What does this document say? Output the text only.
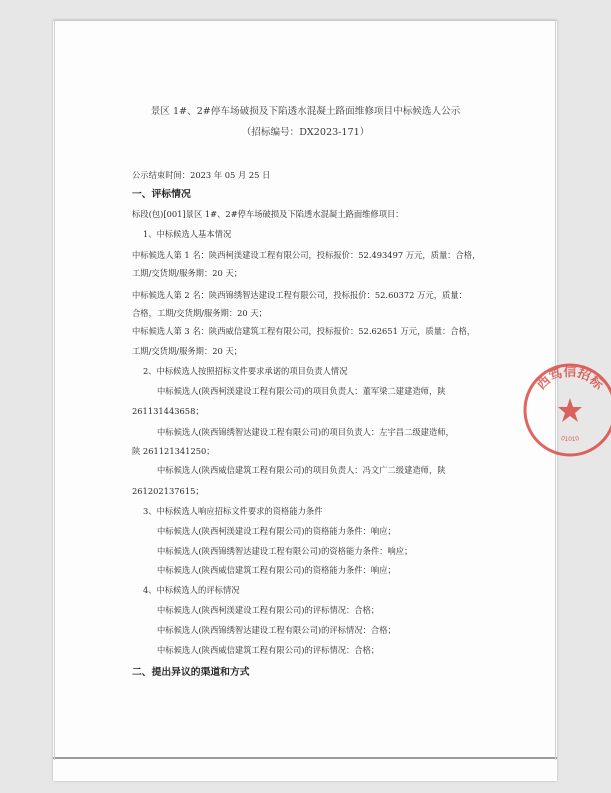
景区 1#、2#停车场破损及下陷透水混凝土路面维修项目中标候选人公示
（招标编号：DX2023-171）
公示结束时间：2023 年 05 月 25 日
一、评标情况
标段(包)[001]景区 1#、2#停车场破损及下陷透水混凝土路面维修项目：
1、中标候选人基本情况
中标候选人第 1 名：陕西柯渼建设工程有限公司，投标报价：52.493497 万元，质量：合格，
工期/交货期/服务期：20 天；
中标候选人第 2 名：陕西锦绣智达建设工程有限公司，投标报价：52.60372 万元，质量：
合格，工期/交货期/服务期：20 天；
中标候选人第 3 名：陕西威信建筑工程有限公司，投标报价：52.62651 万元，质量：合格，
工期/交货期/服务期：20 天；
2、中标候选人按照招标文件要求承诺的项目负责人情况
中标候选人(陕西柯渼建设工程有限公司)的项目负责人：董军梁二建建造师，陕
261131443658；
中标候选人(陕西锦绣智达建设工程有限公司)的项目负责人：左宇昌二级建造师，
陕 261121341250；
中标候选人(陕西威信建筑工程有限公司)的项目负责人：冯文广二级建造师，陕
261202137615；
3、中标候选人响应招标文件要求的资格能力条件
中标候选人(陕西柯渼建设工程有限公司)的资格能力条件：响应；
中标候选人(陕西锦绣智达建设工程有限公司)的资格能力条件：响应；
中标候选人(陕西威信建筑工程有限公司)的资格能力条件：响应；
4、中标候选人的评标情况
中标候选人(陕西柯渼建设工程有限公司)的评标情况：合格；
中标候选人(陕西锦绣智达建设工程有限公司)的评标情况：合格；
中标候选人(陕西威信建筑工程有限公司)的评标情况：合格；
二、提出异议的渠道和方式
西笃信招标
01010
